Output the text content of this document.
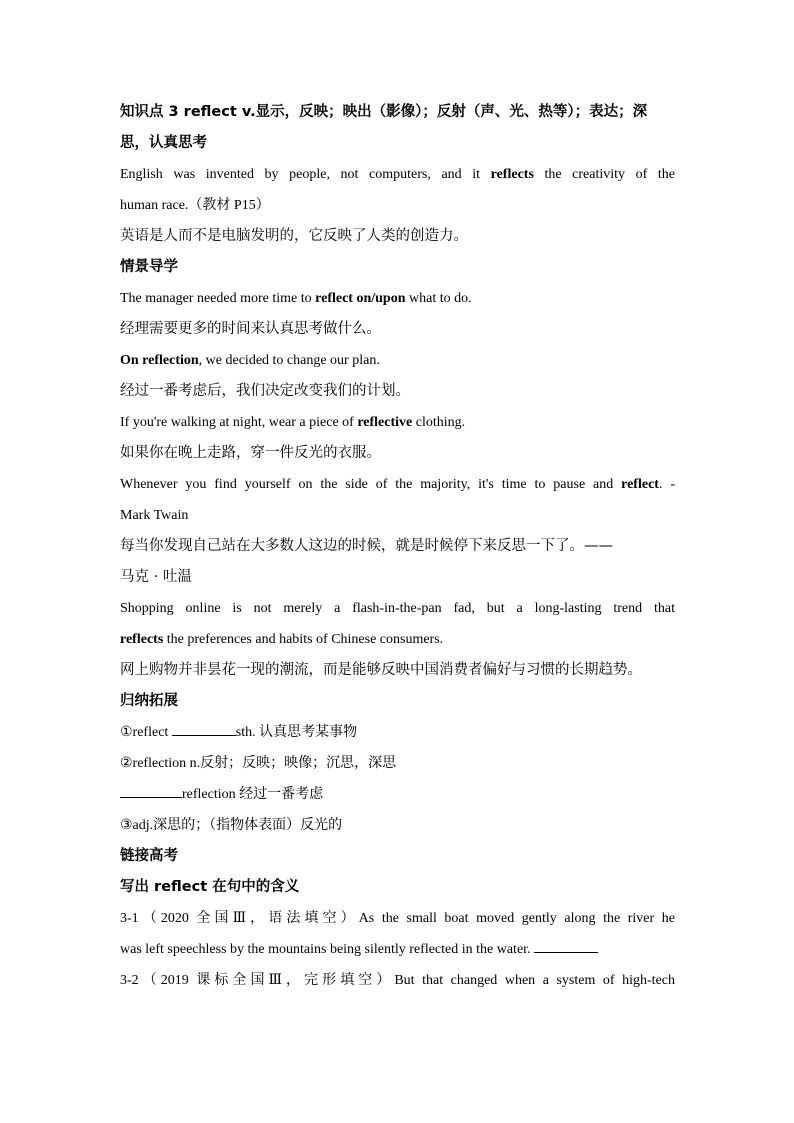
知识点 3 reflect v.显示，反映；映出（影像）；反射（声、光、热等）；表达；深

思，认真思考

English was invented by people, not computers, and it reflects the creativity of the

human race.（教材 P15）

英语是人而不是电脑发明的，它反映了人类的创造力。

情景导学

The manager needed more time to reflect on/upon what to do.

经理需要更多的时间来认真思考做什么。

On reflection, we decided to change our plan.

经过一番考虑后，我们决定改变我们的计划。

If you're walking at night, wear a piece of reflective clothing.

如果你在晚上走路，穿一件反光的衣服。

Whenever you find yourself on the side of the majority, it's time to pause and reflect. -

Mark Twain

每当你发现自己站在大多数人这边的时候，就是时候停下来反思一下了。——

马克 · 吐温

Shopping online is not merely a flash-in-the-pan fad, but a long-lasting trend that

reflects the preferences and habits of Chinese consumers.

网上购物并非昙花一现的潮流，而是能够反映中国消费者偏好与习惯的长期趋势。

归纳拓展

①reflect	sth. 认真思考某事物

②reflection n.反射；反映；映像；沉思，深思

reflection 经过一番考虑

③adj.深思的；（指物体表面）反光的

链接高考

写出 reflect 在句中的含义

3-1（2020 全国Ⅲ，语法填空）As the small boat moved gently along the river he

was left speechless by the mountains being silently reflected in the water.

3-2（2019 课标全国Ⅲ，完形填空）But that changed when a system of high-tech
